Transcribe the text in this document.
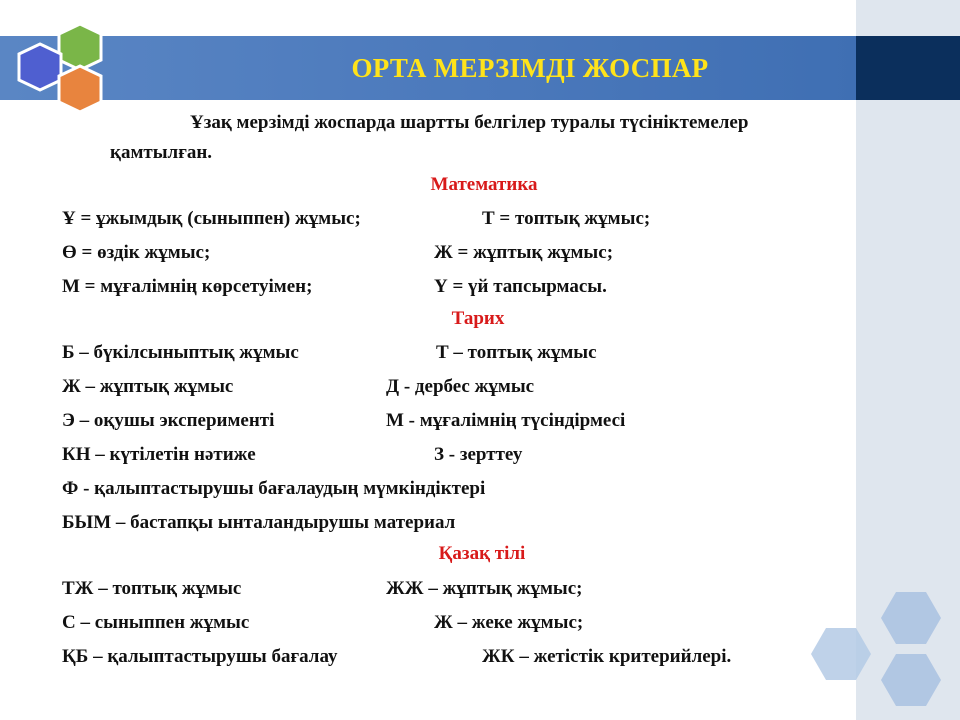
ОРТА МЕРЗІМДІ ЖОСПАР
Ұзақ мерзімді жоспарда шартты белгілер туралы түсініктемелер
қамтылған.
Математика
Ұ = ұжымдық (сыныппен) жұмыс;	Т = топтық жұмыс;
Ө = өздік жұмыс;	Ж = жұптық жұмыс;
М = мұғалімнің көрсетуімен;	Ү = үй тапсырмасы.
Тарих
Б – бүкілсыныптық жұмыс	Т – топтық жұмыс
Ж – жұптық жұмыс	Д - дербес жұмыс
Э – оқушы эксперименті	М - мұғалімнің түсіндірмесі
КН – күтілетін нәтиже	З - зерттеу
Ф - қалыптастырушы бағалаудың мүмкіндіктері
БЫМ – бастапқы ынталандырушы материал
Қазақ тілі
ТЖ – топтық жұмыс	ЖЖ – жұптық жұмыс;
С – сыныппен жұмыс	Ж – жеке жұмыс;
ҚБ – қалыптастырушы бағалау	ЖК – жетістік критерийлері.
